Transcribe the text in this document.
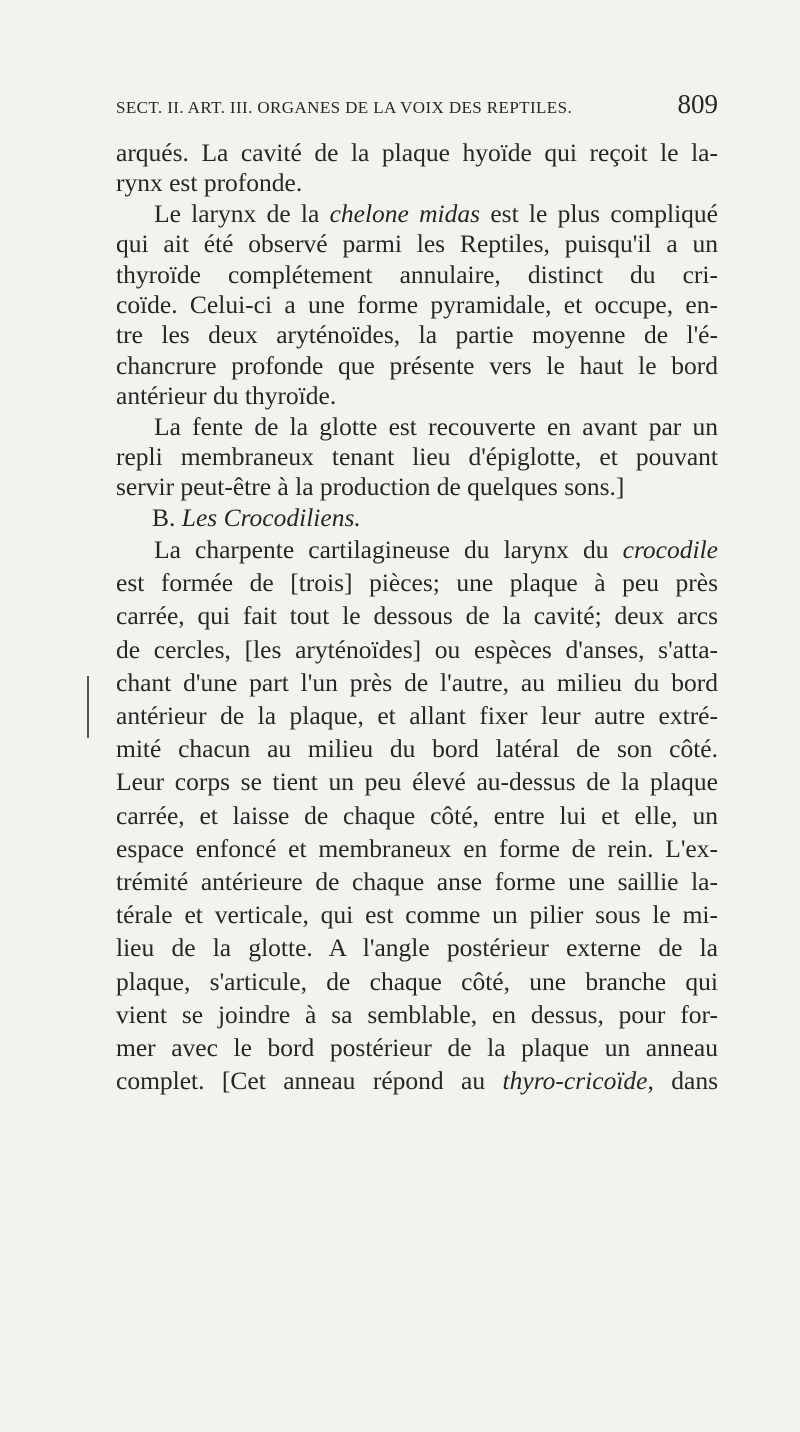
SECT. II. ART. III. ORGANES DE LA VOIX DES REPTILES.	809
arqués. La cavité de la plaque hyoïde qui reçoit le la-
rynx est profonde.
Le larynx de la chelone midas est le plus compliqué
qui ait été observé parmi les Reptiles, puisqu'il a un
thyroïde complétement annulaire, distinct du cri-
coïde. Celui-ci a une forme pyramidale, et occupe, en-
tre les deux aryténoïdes, la partie moyenne de l'é-
chancrure profonde que présente vers le haut le bord
antérieur du thyroïde.
La fente de la glotte est recouverte en avant par un
repli membraneux tenant lieu d'épiglotte, et pouvant
servir peut-être à la production de quelques sons.]
B. Les Crocodiliens.
La charpente cartilagineuse du larynx du crocodile
est formée de [trois] pièces; une plaque à peu près
carrée, qui fait tout le dessous de la cavité; deux arcs
de cercles, [les aryténoïdes] ou espèces d'anses, s'atta-
chant d'une part l'un près de l'autre, au milieu du bord
antérieur de la plaque, et allant fixer leur autre extré-
mité chacun au milieu du bord latéral de son côté.
Leur corps se tient un peu élevé au-dessus de la plaque
carrée, et laisse de chaque côté, entre lui et elle, un
espace enfoncé et membraneux en forme de rein. L'ex-
trémité antérieure de chaque anse forme une saillie la-
térale et verticale, qui est comme un pilier sous le mi-
lieu de la glotte. A l'angle postérieur externe de la
plaque, s'articule, de chaque côté, une branche qui
vient se joindre à sa semblable, en dessus, pour for-
mer avec le bord postérieur de la plaque un anneau
complet. [Cet anneau répond au thyro-cricoïde, dans
